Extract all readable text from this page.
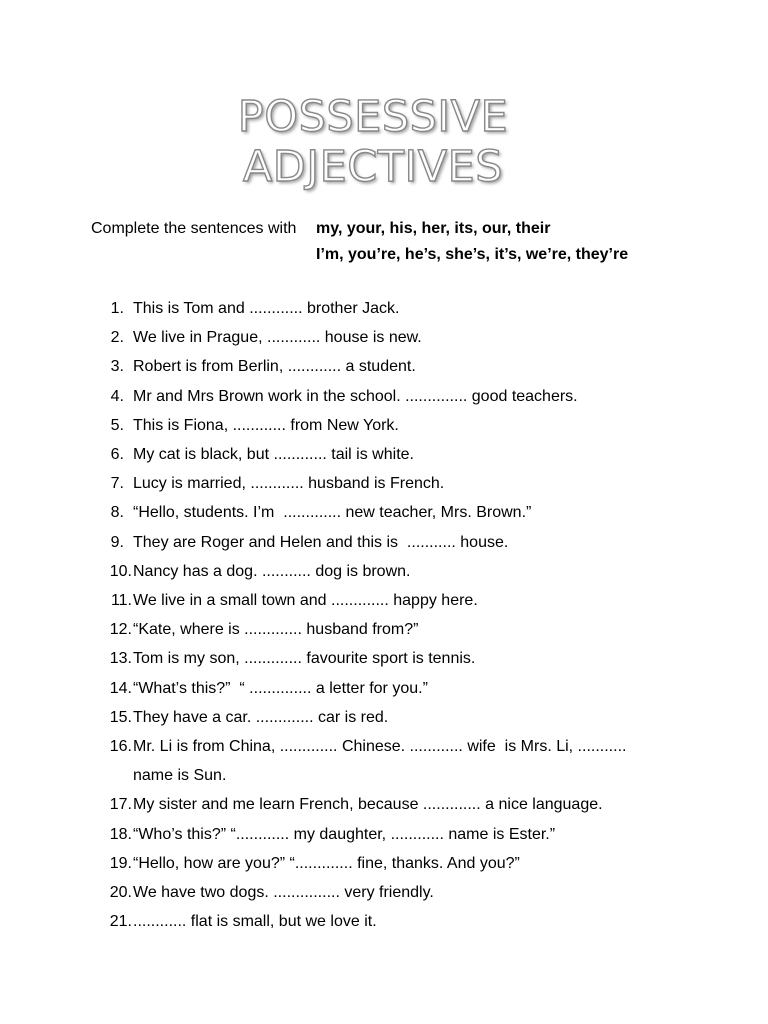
POSSESSIVE
ADJECTIVES
Complete the sentences with my, your, his, her, its, our, their
I’m, you’re, he’s, she’s, it’s, we’re, they’re
1. This is Tom and ............ brother Jack.
2. We live in Prague, ............ house is new.
3. Robert is from Berlin, ............ a student.
4. Mr and Mrs Brown work in the school. .............. good teachers.
5. This is Fiona, ............ from New York.
6. My cat is black, but ............ tail is white.
7. Lucy is married, ............ husband is French.
8. “Hello, students. I’m  ............. new teacher, Mrs. Brown.”
9. They are Roger and Helen and this is  ........... house.
10. Nancy has a dog. ........... dog is brown.
11. We live in a small town and ............. happy here.
12. “Kate, where is ............. husband from?”
13. Tom is my son, ............. favourite sport is tennis.
14. “What’s this?”  “ .............. a letter for you.”
15. They have a car. ............. car is red.
16. Mr. Li is from China, ............. Chinese. ............ wife  is Mrs. Li, ........... name is Sun.
17. My sister and me learn French, because ............. a nice language.
18. “Who’s this?” “............ my daughter, ............ name is Ester.”
19. “Hello, how are you?” “............. fine, thanks. And you?”
20. We have two dogs. ............... very friendly.
21. ............ flat is small, but we love it.
